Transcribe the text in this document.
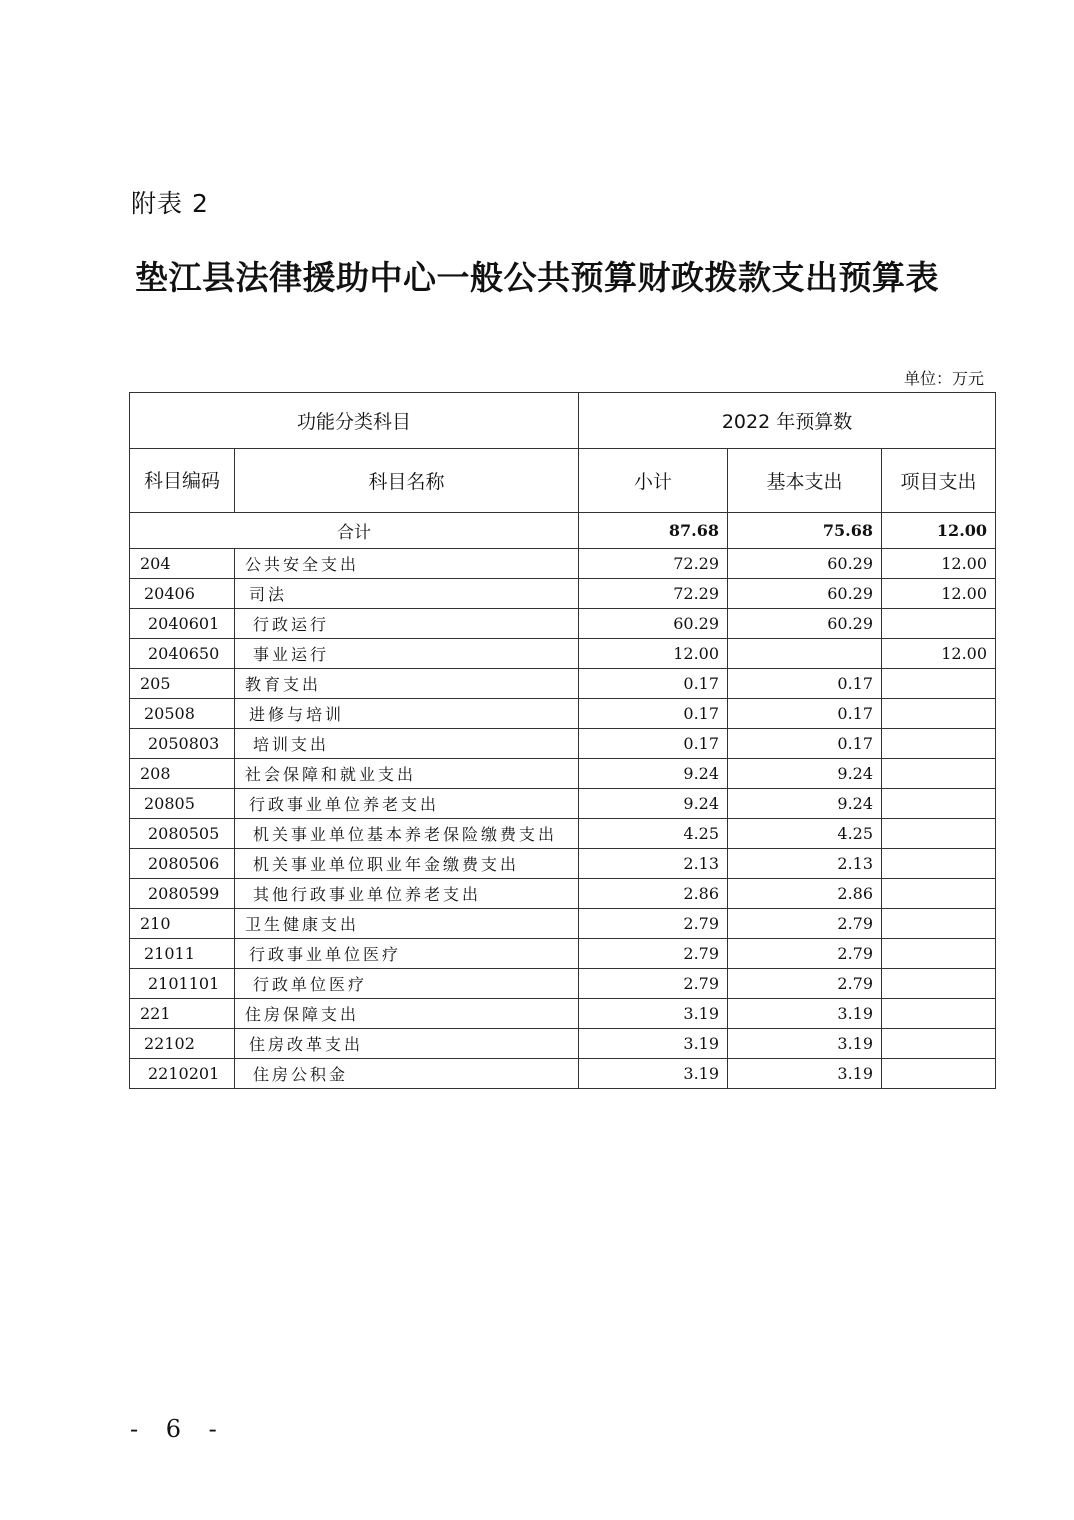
附表 2
垫江县法律援助中心一般公共预算财政拨款支出预算表
单位：万元
功能分类科目		2022 年预算数		
科目编码	科目名称	小计	基本支出	项目支出
合计		87.68	75.68	12.00
204	公共安全支出	72.29	60.29	12.00
20406	司法	72.29	60.29	12.00
2040601	行政运行	60.29	60.29	
2040650	事业运行	12.00		12.00
205	教育支出	0.17	0.17	
20508	进修与培训	0.17	0.17	
2050803	培训支出	0.17	0.17	
208	社会保障和就业支出	9.24	9.24	
20805	行政事业单位养老支出	9.24	9.24	
2080505	机关事业单位基本养老保险缴费支出	4.25	4.25	
2080506	机关事业单位职业年金缴费支出	2.13	2.13	
2080599	其他行政事业单位养老支出	2.86	2.86	
210	卫生健康支出	2.79	2.79	
21011	行政事业单位医疗	2.79	2.79	
2101101	行政单位医疗	2.79	2.79	
221	住房保障支出	3.19	3.19	
22102	住房改革支出	3.19	3.19	
2210201	住房公积金	3.19	3.19	
- 6 -
